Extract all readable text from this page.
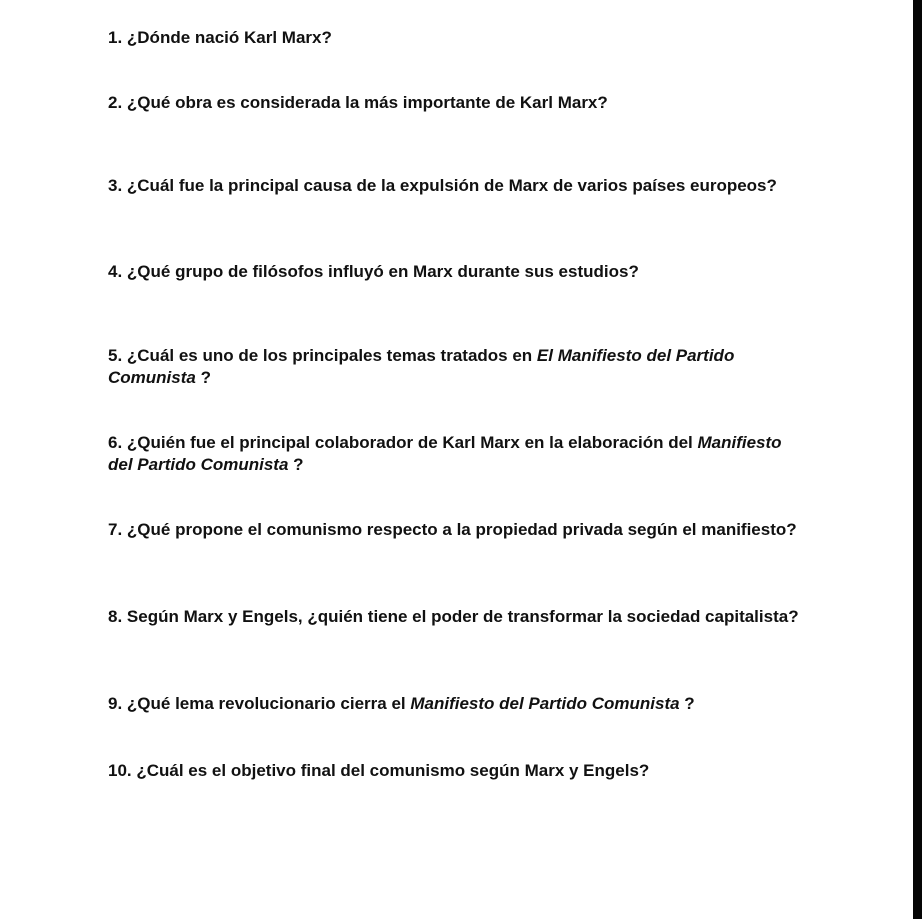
1. ¿Dónde nació Karl Marx?

2. ¿Qué obra es considerada la más importante de Karl Marx?

3. ¿Cuál fue la principal causa de la expulsión de Marx de varios países europeos?

4. ¿Qué grupo de filósofos influyó en Marx durante sus estudios?

5. ¿Cuál es uno de los principales temas tratados en El Manifiesto del Partido Comunista ?

6. ¿Quién fue el principal colaborador de Karl Marx en la elaboración del Manifiesto del Partido Comunista ?

7. ¿Qué propone el comunismo respecto a la propiedad privada según el manifiesto?

8. Según Marx y Engels, ¿quién tiene el poder de transformar la sociedad capitalista?

9. ¿Qué lema revolucionario cierra el Manifiesto del Partido Comunista ?

10. ¿Cuál es el objetivo final del comunismo según Marx y Engels?
